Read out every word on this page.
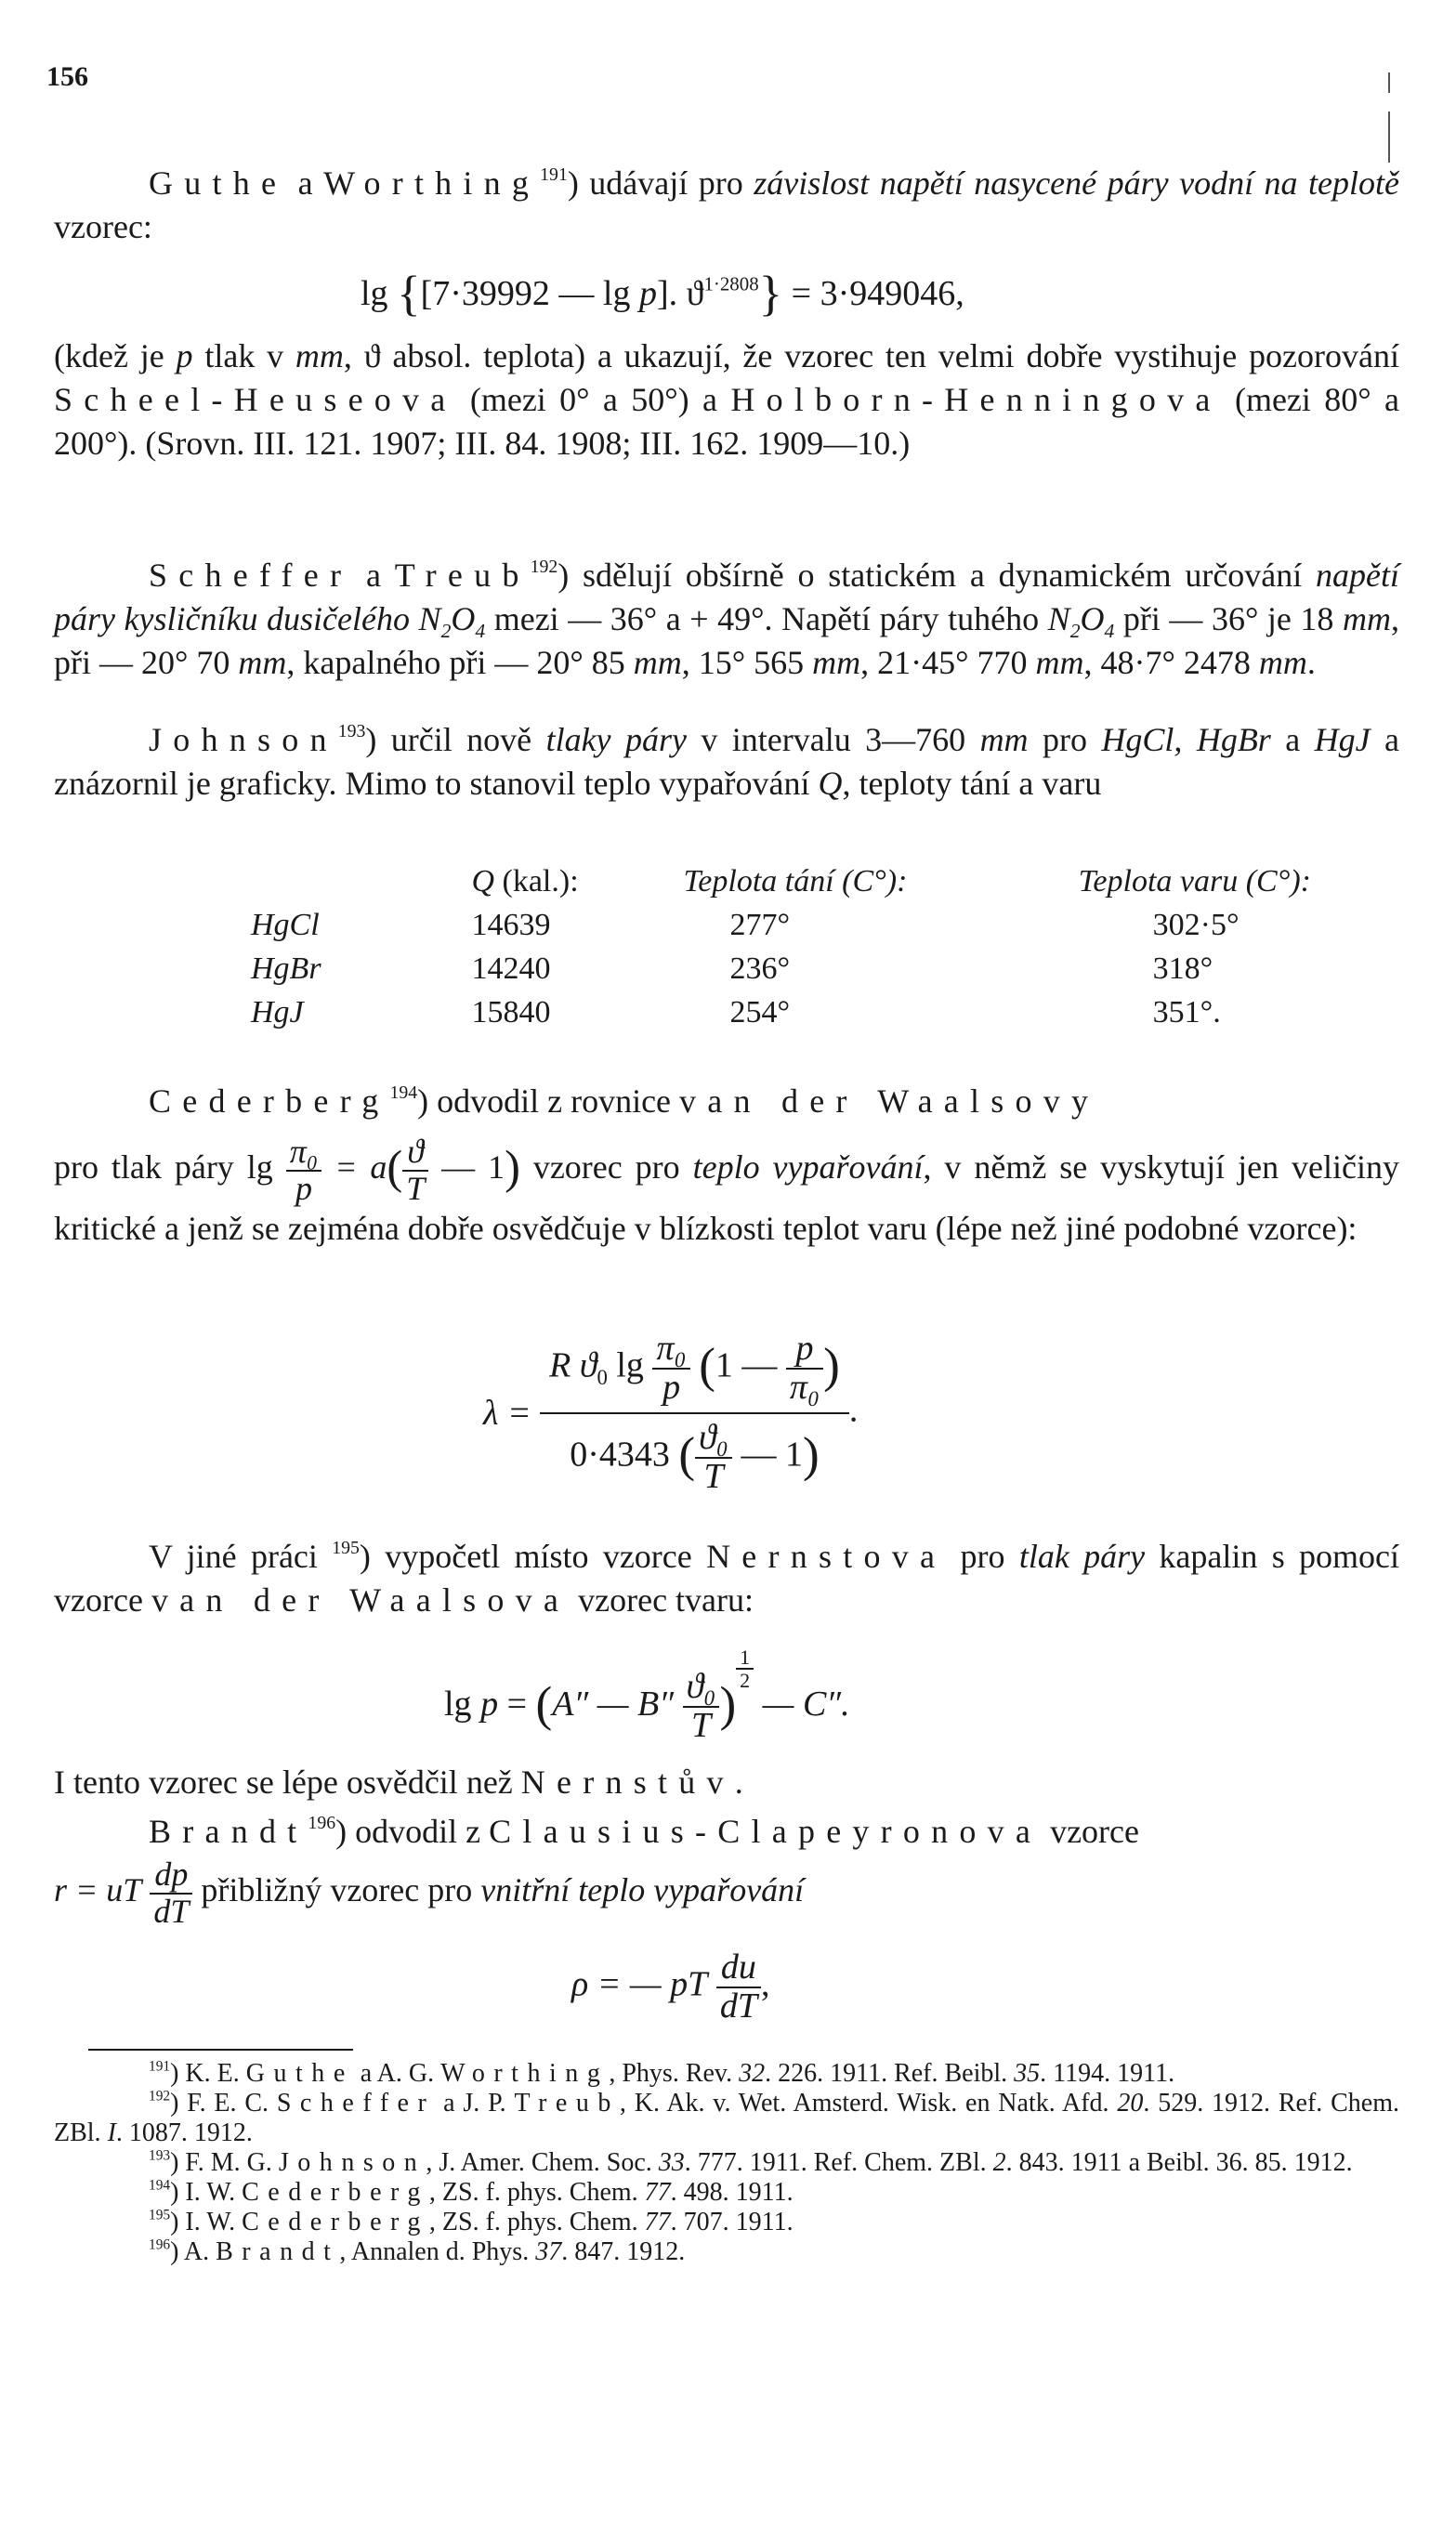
156

Guthe a Worthing$^{191}$) udávají pro závislost napětí nasycené páry vodní na teplotě vzorec:

lg {[7·39992 — lg p]. $ϑ^{1\cdot 2808}\} = 3\cdot 949046$,

(kdež je p tlak v mm, ϑ absol. teplota) a ukazují, že vzorec ten velmi dobře vystihuje pozorování Scheel-Heuseova (mezi 0° a 50°) a Holborn-Henningova (mezi 80° a 200°). (Srovn. III. 121. 1907; III. 84. 1908; III. 162. 1909—10.)

Scheffer a Treub$^{192}$) sdělují obšírně o statickém a dynamickém určování napětí páry kysličníku dusičelého $N_2O_4$ mezi — 36° a + 49°. Napětí páry tuhého $N_2O_4$ při — 36° je 18 mm, při — 20° 70 mm, kapalného při — 20° 85 mm, 15° 565 mm, 21·45° 770 mm, 48·7° 2478 mm.

Johnson$^{193}$) určil nově tlaky páry v intervalu 3—760 mm pro HgCl, HgBr a HgJ a znázornil je graficky. Mimo to stanovil teplo vypařování Q, teploty tání a varu

	Q (kal.):	Teplota tání (C°):	Teplota varu (C°):
HgCl	14639	277°	302·5°
HgBr	14240	236°	318°
HgJ	15840	254°	351°.

Cederberg$^{194}$) odvodil z rovnice van der Waalsovy

pro tlak páry $\lg \frac{\text{π₀}}{p} = a( \frac{ϑ}{T}$ — 1) vzorec pro teplo vypařování, v němž se vyskytují jen veličiny kritické a jenž se zejména dobře osvědčuje v blízkosti teplot varu (lépe než jiné podobné vzorce):

$\lambda = \frac{R ϑ_0 \lg \frac{\text{π₀}}{p} (1 — \frac{p}{\text{π₀}} )}{0\cdot 4343 ( \frac{\text{ϑ₀}}{T} — 1)}$ .

V jiné práci $^{195}$) vypočetl místo vzorce Nernstova pro tlak páry kapalin s pomocí vzorce van der Waalsova vzorec tvaru:

lg p = (A″ — $B'' \frac{\text{ϑ₀}}{T}$ )
$\frac{1}{2}$
— C″.

I tento vzorec se lépe osvědčil než Nernstův.

Brandt$^{196}$) odvodil z Clausius-Clapeyronova vzorce

r = uT $\frac{dp}{dT}$ přibližný vzorec pro vnitřní teplo vypařování

ρ = — pT $\frac{du}{dT}$ ,

$^{191}$) K. E. Guthe a A. G. Worthing, Phys. Rev. 32. 226. 1911. Ref. Beibl. 35. 1194. 1911.

$^{192}$) F. E. C. Scheffer a J. P. Treub, K. Ak. v. Wet. Amsterd. Wisk. en Natk. Afd. 20. 529. 1912. Ref. Chem. ZBl. I. 1087. 1912.

$^{193}$) F. M. G. Johnson, J. Amer. Chem. Soc. 33. 777. 1911. Ref. Chem. ZBl. 2. 843. 1911 a Beibl. 36. 85. 1912.

$^{194}$) I. W. Cederberg, ZS. f. phys. Chem. 77. 498. 1911.

$^{195}$) I. W. Cederberg, ZS. f. phys. Chem. 77. 707. 1911.

$^{196}$) A. Brandt, Annalen d. Phys. 37. 847. 1912.
